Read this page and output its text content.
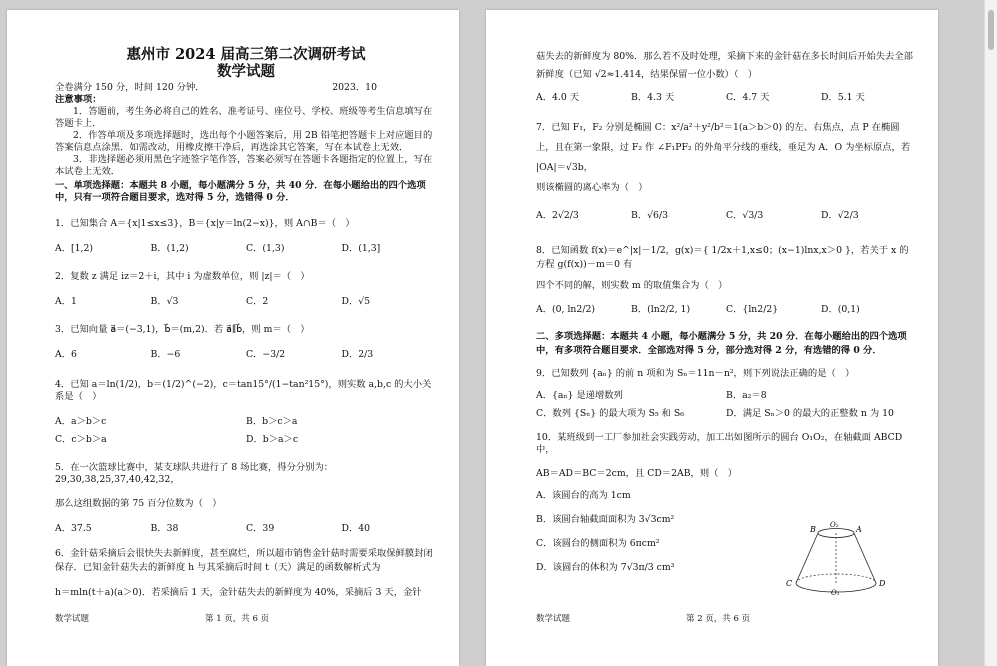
惠州市 2024 届高三第二次调研考试

数学试题

全卷满分 150 分，时间 120 分钟．	2023．10

注意事项：

1．答题前，考生务必将自己的姓名、准考证号、座位号、学校、班级等考生信息填写在答题卡上．

2．作答单项及多项选择题时，选出每个小题答案后，用 2B 铅笔把答题卡上对应题目的答案信息点涂黑．如需改动，用橡皮擦干净后，再选涂其它答案，写在本试卷上无效．

3．非选择题必须用黑色字迹签字笔作答，答案必须写在答题卡各题指定的位置上，写在本试卷上无效．

一、单项选择题：本题共 8 小题，每小题满分 5 分，共 40 分．在每小题给出的四个选项中，只有一项符合题目要求，选对得 5 分，选错得 0 分．

1．已知集合 A＝{x|1≤x≤3}，B＝{x|y＝ln(2−x)}，则 A∩B＝（　）

A．[1,2)	B．(1,2)	C．(1,3)	D．(1,3]

2．复数 z 满足 iz＝2＋i，其中 i 为虚数单位，则 |z|＝（　）

A．1	B．√3	C．2	D．√5

3．已知向量 a⃗＝(−3,1)，b⃗＝(m,2)．若 a⃗∥b⃗，则 m＝（　）

A．6	B．−6	C．−3/2	D．2/3

4．已知 a＝ln(1/2)，b＝(1/2)^(−2)，c＝tan15°/(1−tan²15°)，则实数 a,b,c 的大小关系是（　）

A．a＞b＞c	B．b＞c＞a
C．c＞b＞a	D．b＞a＞c

5．在一次篮球比赛中，某支球队共进行了 8 场比赛，得分分别为：29,30,38,25,37,40,42,32，

那么这组数据的第 75 百分位数为（　）

A．37.5	B．38	C．39	D．40

6．金针菇采摘后会很快失去新鲜度，甚至腐烂，所以超市销售金针菇时需要采取保鲜膜封闭保存．已知金针菇失去的新鲜度 h 与其采摘后时间 t（天）满足的函数解析式为

h＝mln(t＋a)(a＞0)．若采摘后 1 天，金针菇失去的新鲜度为 40%，采摘后 3 天，金针

数学试题	第 1 页，共 6 页

菇失去的新鲜度为 80%．那么若不及时处理，采摘下来的金针菇在多长时间后开始失去全部新鲜度（已知 √2≈1.414，结果保留一位小数）（　）

A．4.0 天	B．4.3 天	C．4.7 天	D．5.1 天

7．已知 F₁，F₂ 分别是椭圆 C：x²/a²＋y²/b²＝1(a＞b＞0) 的左、右焦点，点 P 在椭圆上，且在第一象限，过 F₂ 作 ∠F₁PF₂ 的外角平分线的垂线，垂足为 A．O 为坐标原点，若 |OA|＝√3b，

则该椭圆的离心率为（　）

A．2√2/3	B．√6/3	C．√3/3	D．√2/3

8．已知函数 f(x)＝e^|x|－1/2，g(x)＝{ 1/2x＋1,x≤0；(x−1)lnx,x＞0 }，若关于 x 的方程 g(f(x))－m＝0 有

四个不同的解，则实数 m 的取值集合为（　）

A．(0, ln2/2)	B．(ln2/2, 1)	C．{ln2/2}	D．(0,1)

二、多项选择题：本题共 4 小题，每小题满分 5 分，共 20 分．在每小题给出的四个选项中，有多项符合题目要求．全部选对得 5 分，部分选对得 2 分，有选错的得 0 分．

9．已知数列 {aₙ} 的前 n 项和为 Sₙ＝11n－n²，则下列说法正确的是（　）

A．{aₙ} 是递增数列	B．a₂＝8
C．数列 {Sₙ} 的最大项为 S₅ 和 S₆	D．满足 Sₙ＞0 的最大的正整数 n 为 10

10．某班级到一工厂参加社会实践劳动，加工出如图所示的圆台 O₁O₂，在轴截面 ABCD 中，

AB＝AD＝BC＝2cm，且 CD＝2AB，则（　）

A．该圆台的高为 1cm

B．该圆台轴截面面积为 3√3cm²

C．该圆台的侧面积为 6πcm²

D．该圆台的体积为 7√3π/3 cm³

B	A
O₂
C	D
O₁
数学试题	第 2 页，共 6 页
